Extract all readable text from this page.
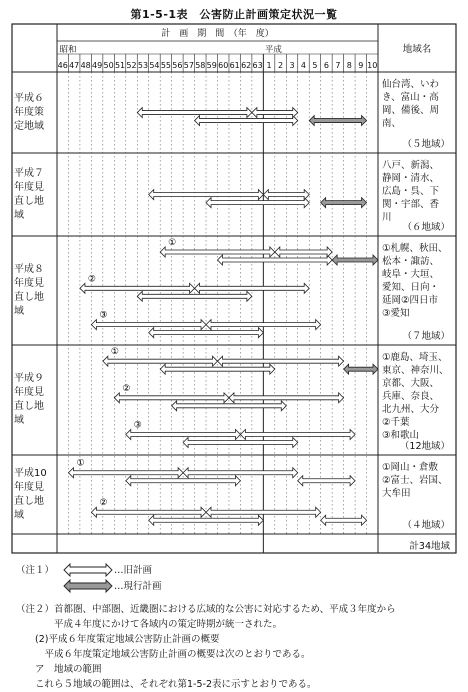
第1-5-1表　公害防止計画策定状況一覧
計　画　期　間　（年　度）
地域名
昭和	平成
46 47 48 49 50 51 52 53 54 55 56 57 58 59 60 61 62 63 1 2 3 4 5 6 7 8 9 10
①
②
③
①
②
③
①
②
平成６
年度策
定地域
仙台湾、いわ
き、富山・高
岡、備後、周
南、
（５地域）
平成７
年度見
直し地
域
八戸、新潟、
静岡・清水、
広島・呉、下
関・宇部、香
川
（６地域）
平成８
年度見
直し地
域
①札幌、秋田、
松本・諏訪、
岐阜・大垣、
愛知、日向・
延岡②四日市
③愛知
（７地域）
平成９
年度見
直し地
域
①鹿島、埼玉、
東京、神奈川、
京都、大阪、
兵庫、奈良、
北九州、大分
②千葉
③和歌山
（12地域）
平成10
年度見
直し地
域
①岡山・倉敷
②富士、岩国、
大牟田
（４地域）
計34地域
（注１）	…旧計画
…現行計画
（注２）首都圏、中部圏、近畿圏における広域的な公害に対応するため、平成３年度から
　　　　平成４年度にかけて各域内の策定時期が統一された。
　　(2)平成６年度策定地域公害防止計画の概要
　　　平成６年度策定地域公害防止計画の概要は次のとおりである。
　　ア　地域の範囲
　　これら５地域の範囲は、それぞれ第1-5-2表に示すとおりである。
